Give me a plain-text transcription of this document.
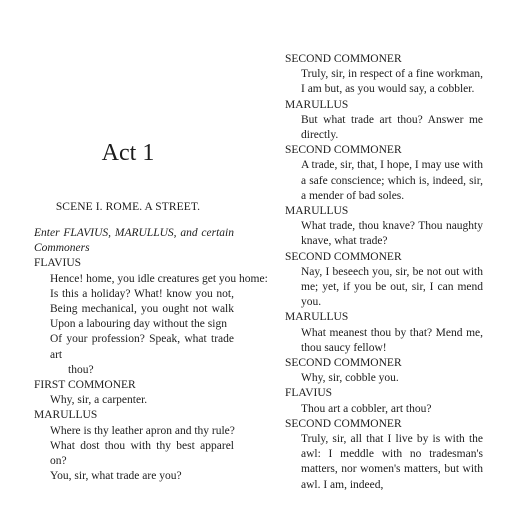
Act 1
SCENE I. ROME. A STREET.

Enter FLAVIUS, MARULLUS, and certain Commoners

FLAVIUS

Hence! home, you idle creatures get you home:

Is this a holiday? What! know you not,

Being mechanical, you ought not walk

Upon a labouring day without the sign

Of your profession? Speak, what trade art

thou?

FIRST COMMONER

Why, sir, a carpenter.

MARULLUS

Where is thy leather apron and thy rule?

What dost thou with thy best apparel on?

You, sir, what trade are you?

SECOND COMMONER

Truly, sir, in respect of a fine workman, I am but, as you would say, a cobbler.

MARULLUS

But what trade art thou? Answer me directly.

SECOND COMMONER

A trade, sir, that, I hope, I may use with a safe conscience; which is, indeed, sir, a mender of bad soles.

MARULLUS

What trade, thou knave? Thou naughty knave, what trade?

SECOND COMMONER

Nay, I beseech you, sir, be not out with me; yet, if you be out, sir, I can mend you.

MARULLUS

What meanest thou by that? Mend me, thou saucy fellow!

SECOND COMMONER

Why, sir, cobble you.

FLAVIUS

Thou art a cobbler, art thou?

SECOND COMMONER

Truly, sir, all that I live by is with the awl: I meddle with no tradesman's matters, nor women's matters, but with awl. I am, indeed,
